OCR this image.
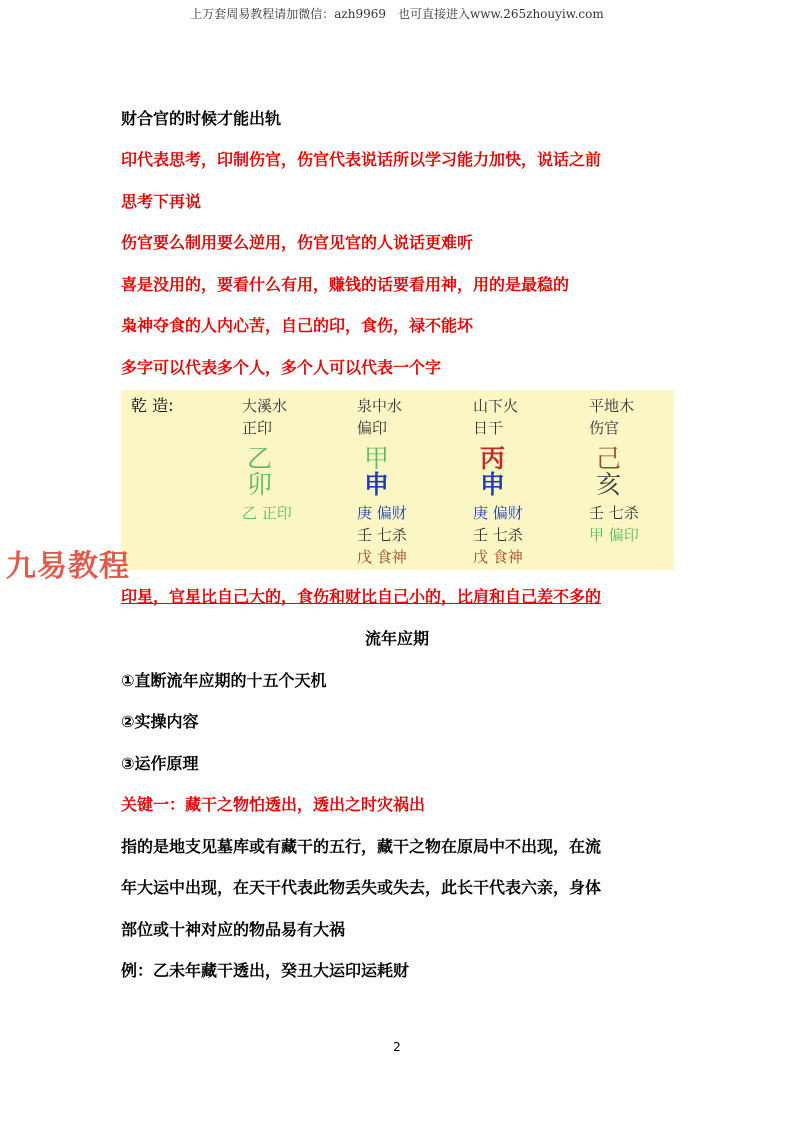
上万套周易教程请加微信：azh9969　也可直接进入www.265zhouyiw.com
财合官的时候才能出轨
印代表思考，印制伤官，伤官代表说话所以学习能力加快，说话之前
思考下再说
伤官要么制用要么逆用，伤官见官的人说话更难听
喜是没用的，要看什么有用，赚钱的话要看用神，用的是最稳的
枭神夺食的人内心苦，自己的印，食伤，禄不能坏
多字可以代表多个人，多个人可以代表一个字
乾 造:	大溪水
正印
乙
卯
乙 正印
泉中水
偏印
甲
申
庚 偏财
壬 七杀
戊 食神
山下火
日干
丙
申
庚 偏财
壬 七杀
戊 食神
平地木
伤官
己
亥
壬 七杀
甲 偏印
九易教程
印星，官星比自己大的，食伤和财比自己小的，比肩和自己差不多的
流年应期
①直断流年应期的十五个天机
②实操内容
③运作原理
关键一：藏干之物怕透出，透出之时灾祸出
指的是地支见墓库或有藏干的五行，藏干之物在原局中不出现，在流
年大运中出现，在天干代表此物丢失或失去，此长干代表六亲，身体
部位或十神对应的物品易有大祸
例：乙未年藏干透出，癸丑大运印运耗财
2
